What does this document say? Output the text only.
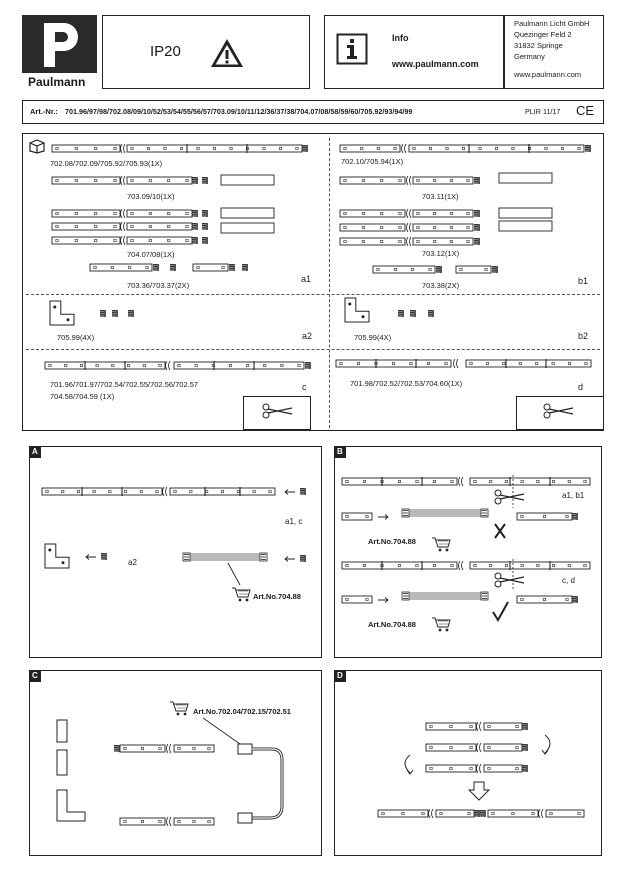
Paulmann
IP20
Info
www.paulmann.com
Paulmann Licht GmbH
Quezinger Feld 2
31832 Springe
Germany
www.paulmann.com
Art.-Nr.: 701.96/97/98/702.08/09/10/52/53/54/55/56/57/703.09/10/11/12/36/37/38/704.07/08/58/59/60/705.92/93/94/99	PLIR 11/17 CE
702.08/702.09/705.92/705.93(1X)
703.09/10(1X)
704.07/08(1X)
703.36/703.37(2X)
a1
702.10/705.94(1X)
703.11(1X)
703.12(1X)
703.38(2X)	b1
705.99(4X)	a2	705.99(4X)	b2
701.96/701.97/702.54/702.55/702.56/702.57
704.58/704.59 (1X)
c	701.98/702.52/702.53/704.60(1X)	d
A
a1, c
a2
Art.No.704.88
B
a1, b1
c, d
Art.No.704.88
Art.No.704.88
C
Art.No.702.04/702.15/702.51
D
